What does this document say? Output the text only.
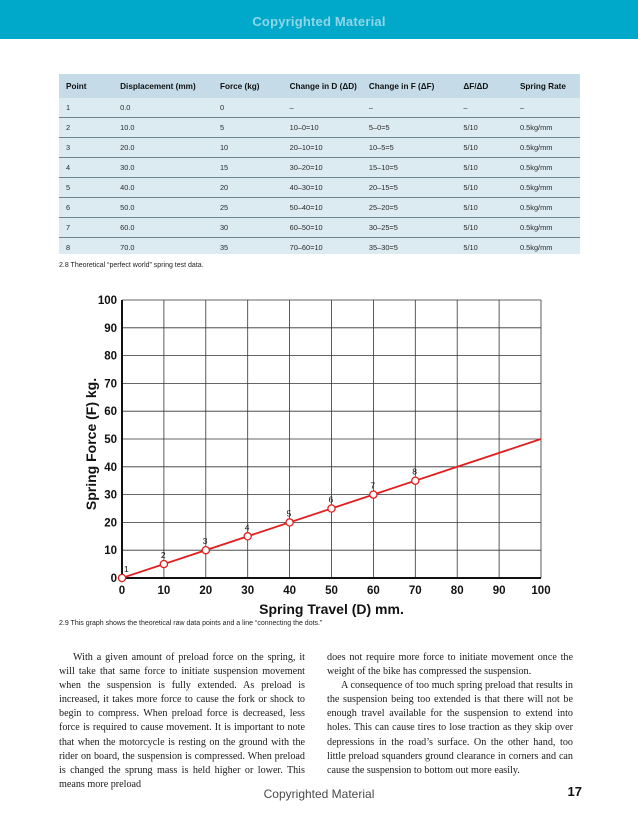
Copyrighted Material
Point	Displacement (mm)	Force (kg)	Change in D (ΔD)	Change in F (ΔF)	ΔF/ΔD	Spring Rate
1	0.0	0	–	–	–	–
2	10.0	5	10–0=10	5–0=5	5/10	0.5kg/mm
3	20.0	10	20–10=10	10–5=5	5/10	0.5kg/mm
4	30.0	15	30–20=10	15–10=5	5/10	0.5kg/mm
5	40.0	20	40–30=10	20–15=5	5/10	0.5kg/mm
6	50.0	25	50–40=10	25–20=5	5/10	0.5kg/mm
7	60.0	30	60–50=10	30–25=5	5/10	0.5kg/mm
8	70.0	35	70–60=10	35–30=5	5/10	0.5kg/mm
2.8 Theoretical “perfect world” spring test data.
0	10	20	30	40	50	60	70	80	90 100
0
10
20
30
40
50
60
70
80
90
100
Spring Travel (D) mm.
Spring Force (F) kg.
1
2
3
4
5
6
7
8
2.9 This graph shows the theoretical raw data points and a line “connecting the dots.”

With a given amount of preload force on the spring, it will take that same force to initiate suspension movement when the suspension is fully extended. As preload is increased, it takes more force to cause the fork or shock to begin to compress. When preload force is decreased, less force is required to cause movement. It is important to note that when the motorcycle is resting on the ground with the rider on board, the suspension is compressed. When preload is changed the sprung mass is held higher or lower. This means more preload

does not require more force to initiate movement once the weight of the bike has compressed the suspension.

A consequence of too much spring preload that results in the suspension being too extended is that there will not be enough travel available for the suspension to extend into holes. This can cause tires to lose traction as they skip over depressions in the road’s surface. On the other hand, too little preload squanders ground clearance in corners and can cause the suspension to bottom out more easily.

Copyrighted Material	17
